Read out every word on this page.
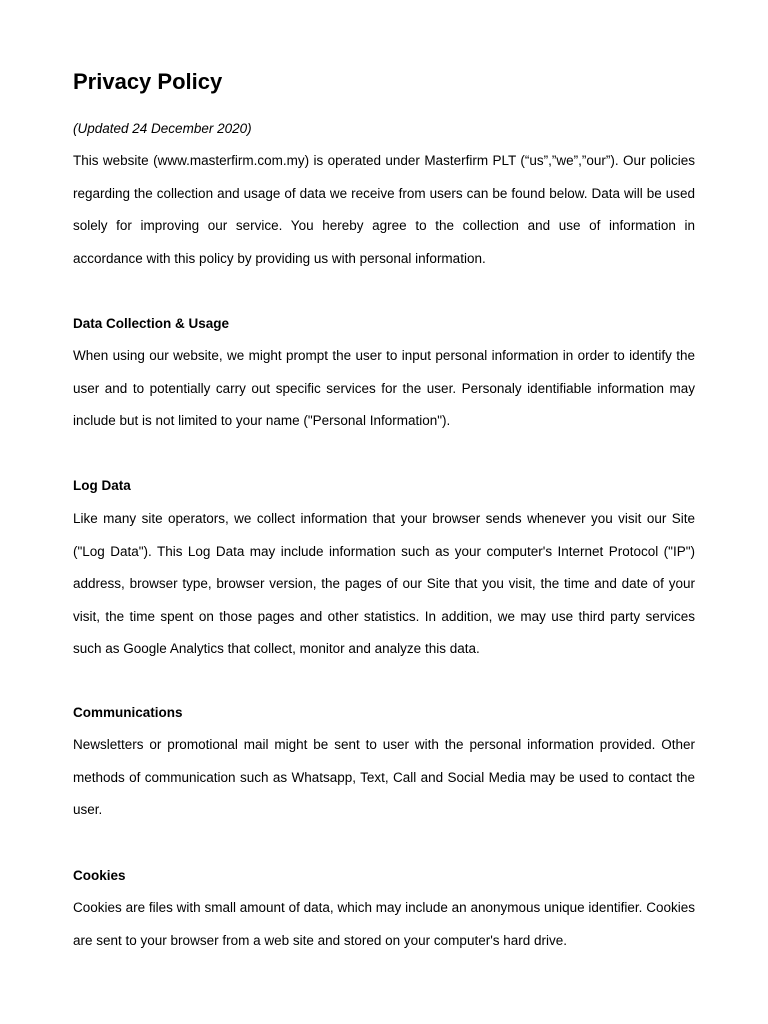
Privacy Policy

(Updated 24 December 2020)

This website (www.masterfirm.com.my) is operated under Masterfirm PLT (“us”,”we”,”our”). Our policies regarding the collection and usage of data we receive from users can be found below. Data will be used solely for improving our service. You hereby agree to the collection and use of information in accordance with this policy by providing us with personal information.

Data Collection & Usage

When using our website, we might prompt the user to input personal information in order to identify the user and to potentially carry out specific services for the user. Personaly identifiable information may include but is not limited to your name ("Personal Information").

Log Data

Like many site operators, we collect information that your browser sends whenever you visit our Site ("Log Data"). This Log Data may include information such as your computer's Internet Protocol ("IP") address, browser type, browser version, the pages of our Site that you visit, the time and date of your visit, the time spent on those pages and other statistics. In addition, we may use third party services such as Google Analytics that collect, monitor and analyze this data.

Communications

Newsletters or promotional mail might be sent to user with the personal information provided. Other methods of communication such as Whatsapp, Text, Call and Social Media may be used to contact the user.

Cookies

Cookies are files with small amount of data, which may include an anonymous unique identifier. Cookies are sent to your browser from a web site and stored on your computer's hard drive.
